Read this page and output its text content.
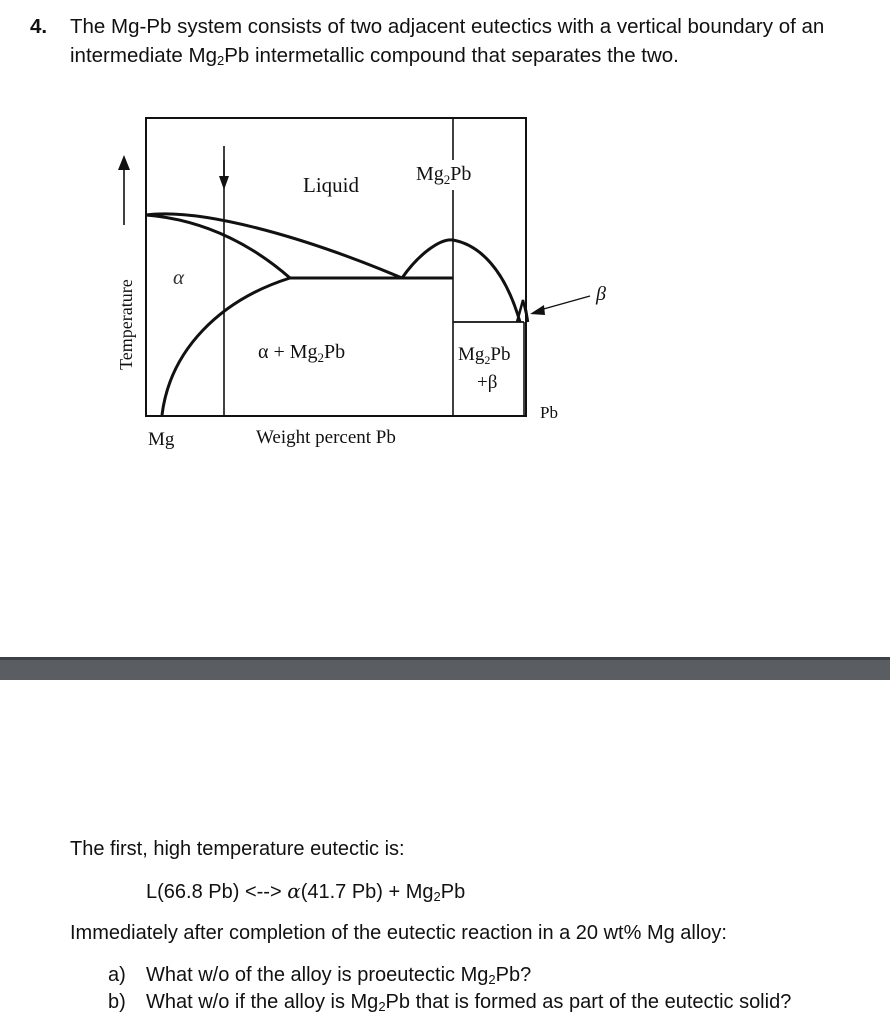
4. The Mg-Pb system consists of two adjacent eutectics with a vertical boundary of an
intermediate $Mg_2Pb$ intermetallic compound that separates the two.
Liquid	$Mg_2Pb$
α
$\alpha + Mg_2Pb$	$Mg_2Pb$
+β
β
Mg
Pb
Weight percent Pb
Temperature
The first, high temperature eutectic is:
L(66.8 Pb) <--> α(41.7 $Pb) + Mg_2Pb$
Immediately after completion of the eutectic reaction in a 20 wt% Mg alloy:
a) What w/o of the alloy is proeutectic $Mg_2Pb$?
b) What w/o if the alloy is $Mg_2Pb$ that is formed as part of the eutectic solid?
